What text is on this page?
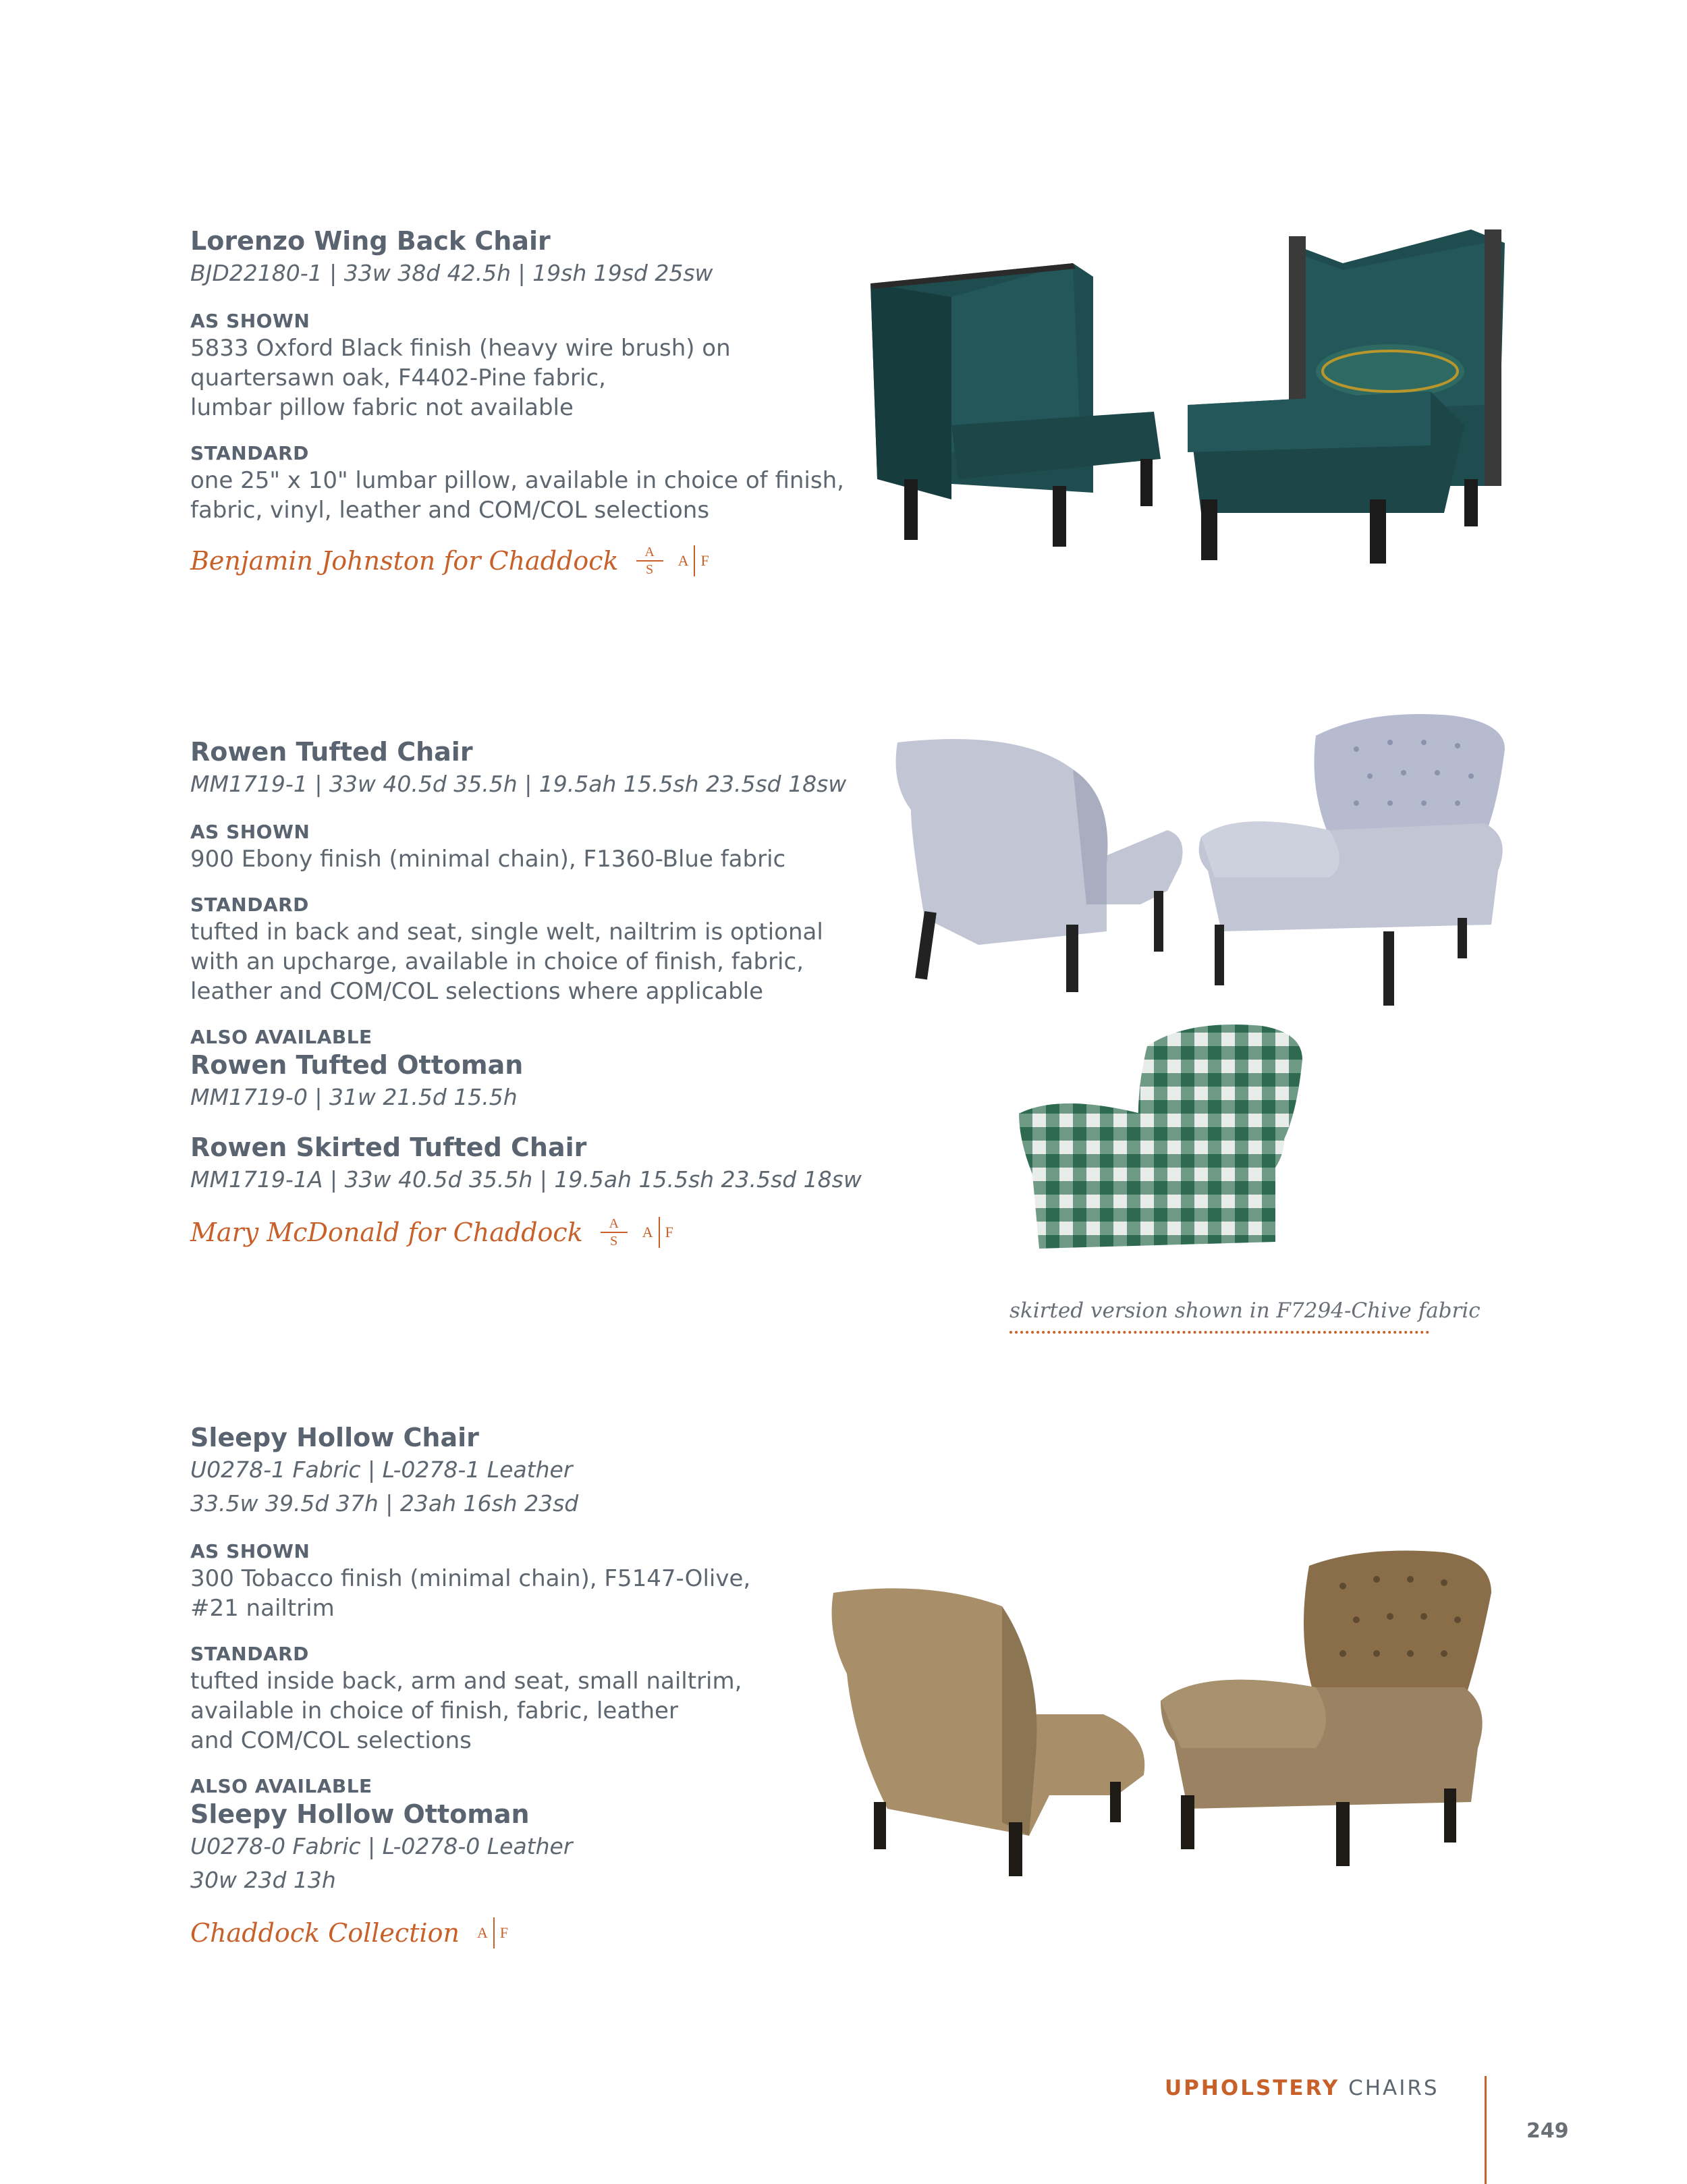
Lorenzo Wing Back Chair
BJD22180-1 | 33w 38d 42.5h | 19sh 19sd 25sw
AS SHOWN
5833 Oxford Black finish (heavy wire brush) on
quartersawn oak, F4402-Pine fabric,
lumbar pillow fabric not available
STANDARD
one 25" x 10" lumbar pillow, available in choice of finish,
fabric, vinyl, leather and COM/COL selections
Benjamin Johnston for Chaddock A
S
A F
Rowen Tufted Chair
MM1719-1 | 33w 40.5d 35.5h | 19.5ah 15.5sh 23.5sd 18sw
AS SHOWN
900 Ebony finish (minimal chain), F1360-Blue fabric
STANDARD
tufted in back and seat, single welt, nailtrim is optional
with an upcharge, available in choice of finish, fabric,
leather and COM/COL selections where applicable
ALSO AVAILABLE
Rowen Tufted Ottoman
MM1719-0 | 31w 21.5d 15.5h
Rowen Skirted Tufted Chair
MM1719-1A | 33w 40.5d 35.5h | 19.5ah 15.5sh 23.5sd 18sw
Mary McDonald for Chaddock A
S
A F
skirted version shown in F7294-Chive fabric
Sleepy Hollow Chair
U0278-1 Fabric | L-0278-1 Leather
33.5w 39.5d 37h | 23ah 16sh 23sd
AS SHOWN
300 Tobacco finish (minimal chain), F5147-Olive,
#21 nailtrim
STANDARD
tufted inside back, arm and seat, small nailtrim,
available in choice of finish, fabric, leather
and COM/COL selections
ALSO AVAILABLE
Sleepy Hollow Ottoman
U0278-0 Fabric | L-0278-0 Leather
30w 23d 13h
Chaddock Collection A F
UPHOLSTERY CHAIRS
249
